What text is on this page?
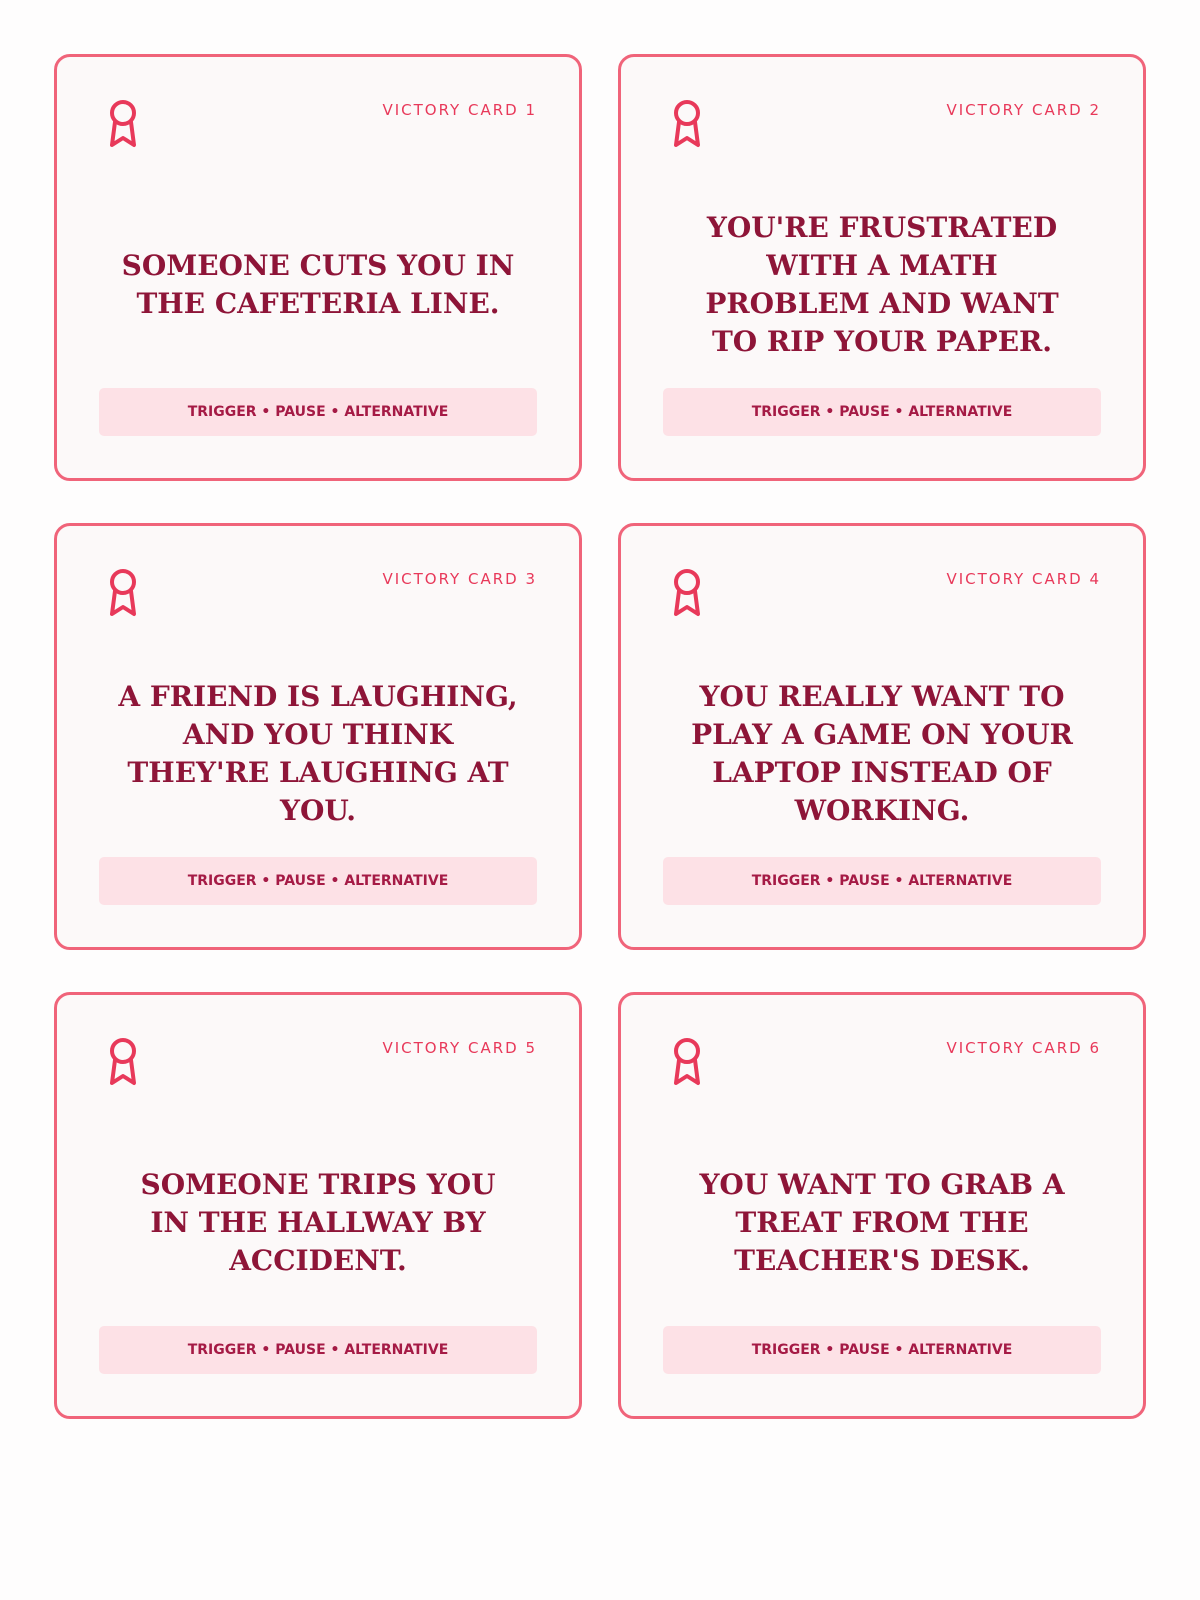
VICTORY CARD 1

SOMEONE CUTS YOU IN THE CAFETERIA LINE.

TRIGGER • PAUSE • ALTERNATIVE
VICTORY CARD 2

YOU'RE FRUSTRATED WITH A MATH PROBLEM AND WANT TO RIP YOUR PAPER.

TRIGGER • PAUSE • ALTERNATIVE
VICTORY CARD 3

A FRIEND IS LAUGHING, AND YOU THINK THEY'RE LAUGHING AT YOU.

TRIGGER • PAUSE • ALTERNATIVE
VICTORY CARD 4

YOU REALLY WANT TO PLAY A GAME ON YOUR LAPTOP INSTEAD OF WORKING.

TRIGGER • PAUSE • ALTERNATIVE
VICTORY CARD 5

SOMEONE TRIPS YOU IN THE HALLWAY BY ACCIDENT.

TRIGGER • PAUSE • ALTERNATIVE
VICTORY CARD 6

YOU WANT TO GRAB A TREAT FROM THE TEACHER'S DESK.

TRIGGER • PAUSE • ALTERNATIVE
